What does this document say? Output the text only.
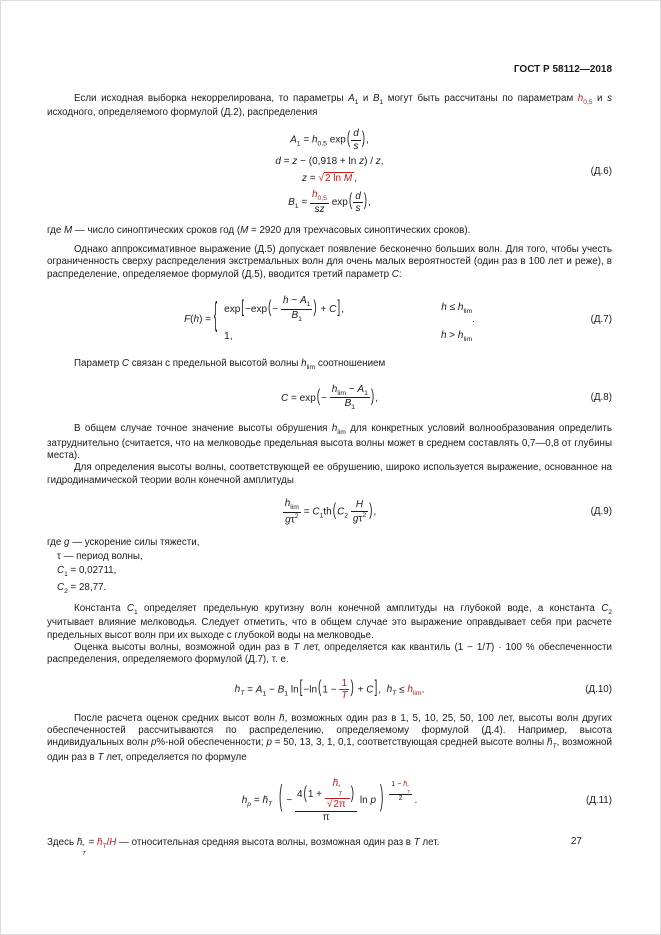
ГОСТ Р 58112—2018

Если исходная выборка некоррелирована, то параметры $A_1$ и $B_1$ могут быть рассчитаны по параметрам $h_{0,5}$ и s исходного, определяемого формулой (Д.2), распределения

$A_1 = h_{0,5}$ $\exp( \frac{d}{s}$ ),
d = z − (0,918 + ln z) / z,
z = √2 ln M ,
$B_1 = \frac{h_{0,5}}{sz} \exp( \frac{d}{s}$ ),
(Д.6)

где M — число синоптических сроков год (M = 2920 для трехчасовых синоптических сроков).

Однако аппроксимативное выражение (Д.5) допускает появление бесконечно больших волн. Для того, чтобы учесть ограниченность сверху распределения экстремальных волн для очень малых вероятностей (один раз в 100 лет и реже), в распределение, определяемое формулой (Д.5), вводится третий параметр C:

F(h) = { $\exp[-\exp(- \frac{h - A_1}{B_1}$ ) + C],	$h \le h_{lim}$
1,	$h > h_{lim}$
.	(Д.7)

Параметр C связан с предельной высотой волны $h_{lim}$ соотношением

$C = \exp(- \frac{h_{lim} - A_1}{B_1}$ ),	(Д.8)

В общем случае точное значение высоты обрушения $h_{lim}$ для конкретных условий волнообразования определить затруднительно (считается, что на мелководье предельная высота волны может в среднем составлять 0,7—0,8 от глубины места).

Для определения высоты волны, соответствующей ее обрушению, широко используется выражение, основанное на гидродинамической теории волн конечной амплитуды

$\frac{h_{lim}}{g\tau^2} = C_1th(C_2 \frac{H}{g\tau^2}$ ),	(Д.9)
где g — ускорение силы тяжести,
τ — период волны,
$C_1 = 0,02711$,
$C_2 = 28,77$.

Константа $C_1$ определяет предельную крутизну волн конечной амплитуды на глубокой воде, а константа $C_2$ учитывает влияние мелководья. Следует отметить, что в общем случае это выражение оправдывает себя при расчете предельных высот волн при их выходе с глубокой воды на мелководье.

Оценка высоты волны, возможной один раз в T лет, определяется как квантиль (1 − 1/T) · 100 % обеспеченности распределения, определяемого формулой (Д.7), т. е.

$h_T = A_1 - B_1$ $\ln[-\ln(1 - \frac{1}{T}$ ) + C],  $h_T \le h_{lim}$.	(Д.10)

После расчета оценок средних высот волн h̄, возможных один раз в 1, 5, 10, 25, 50, 100 лет, высоты волн других обеспеченностей рассчитываются по распределению, определяемому формулой (Д.4). Например, высота индивидуальных волн p%-ной обеспеченности; p = 50, 13, 3, 1, 0,1, соответствующая средней высоте волны $h̄_T$, возможной один раз в T лет, определяется по формуле

$h_p$ = $h̄_T$ ( − 4(1 + h̄ *
T
√2π )
π ln p ) 1 − h̄ *
T
2 .	(Д.11)

Здесь h̄ *
T
= $h̄_T/H$ — относительная средняя высота волны, возможная один раз в T лет.	27
